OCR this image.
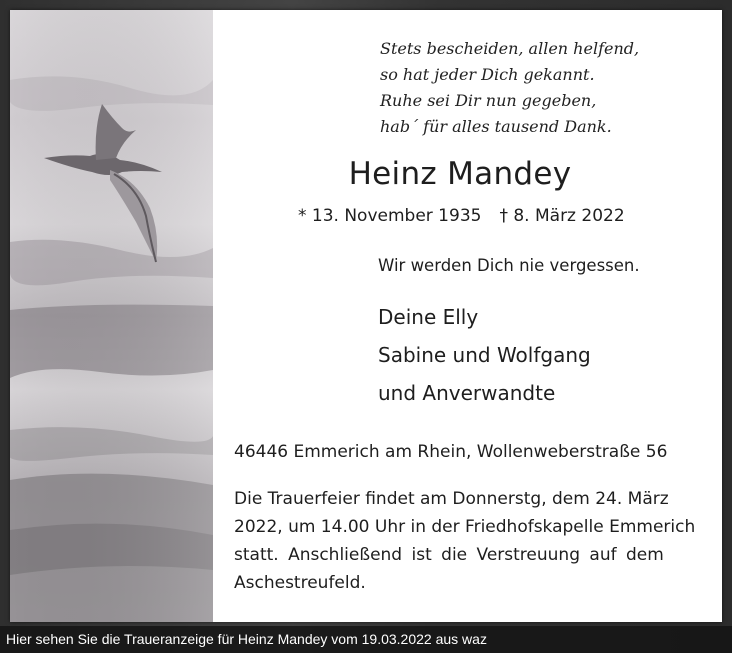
Stets bescheiden, allen helfend,
so hat jeder Dich gekannt.
Ruhe sei Dir nun gegeben,
hab´ für alles tausend Dank.
Heinz Mandey
* 13. November 1935 † 8. März 2022
Wir werden Dich nie vergessen.
Deine Elly
Sabine und Wolfgang
und Anverwandte
46446 Emmerich am Rhein, Wollenweberstraße 56
Die Trauerfeier findet am Donnerstg, dem 24. März
2022, um 14.00 Uhr in der Friedhofskapelle Emmerich
statt. Anschließend ist die Verstreuung auf dem
Aschestreufeld.
Hier sehen Sie die Traueranzeige für Heinz Mandey vom 19.03.2022 aus waz
